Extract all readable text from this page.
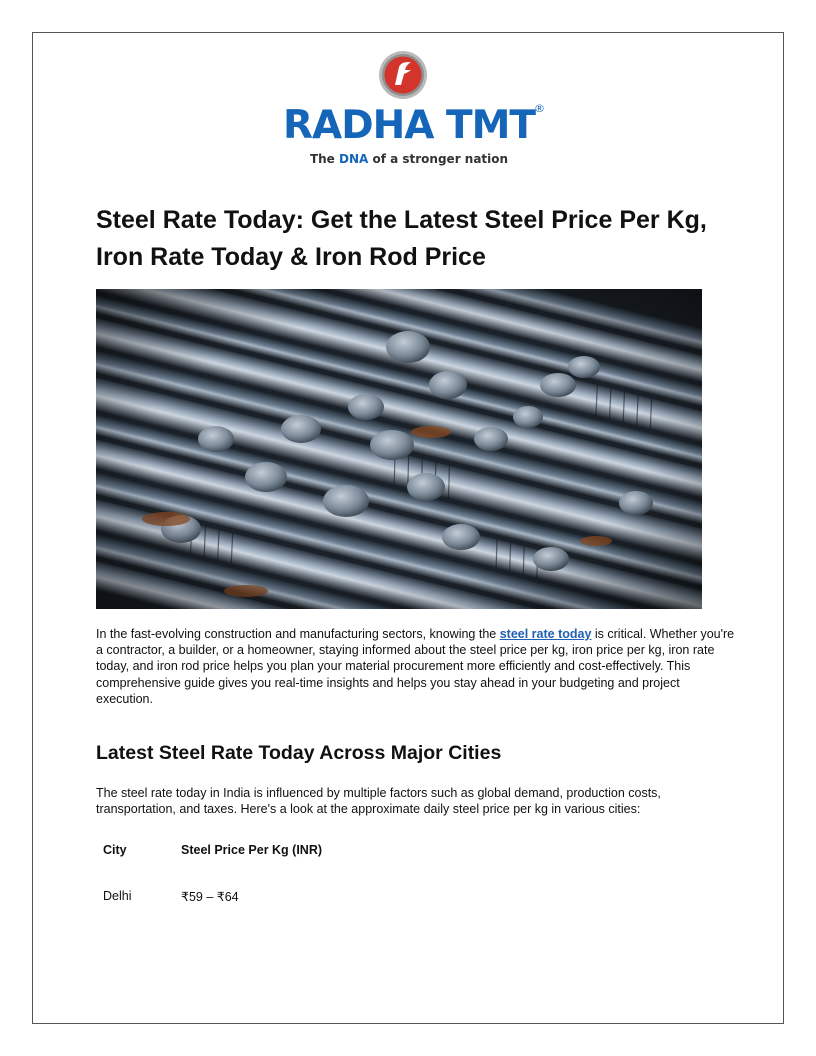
RADHA TMT ®
The DNA of a stronger nation
Steel Rate Today: Get the Latest Steel Price Per Kg, Iron Rate Today & Iron Rod Price

In the fast-evolving construction and manufacturing sectors, knowing the steel rate today is critical. Whether you're a contractor, a builder, or a homeowner, staying informed about the steel price per kg, iron price per kg, iron rate today, and iron rod price helps you plan your material procurement more efficiently and cost-effectively. This comprehensive guide gives you real-time insights and helps you stay ahead in your budgeting and project execution.

Latest Steel Rate Today Across Major Cities

The steel rate today in India is influenced by multiple factors such as global demand, production costs, transportation, and taxes. Here's a look at the approximate daily steel price per kg in various cities:

City	Steel Price Per Kg (INR)

Delhi	₹59 – ₹64
